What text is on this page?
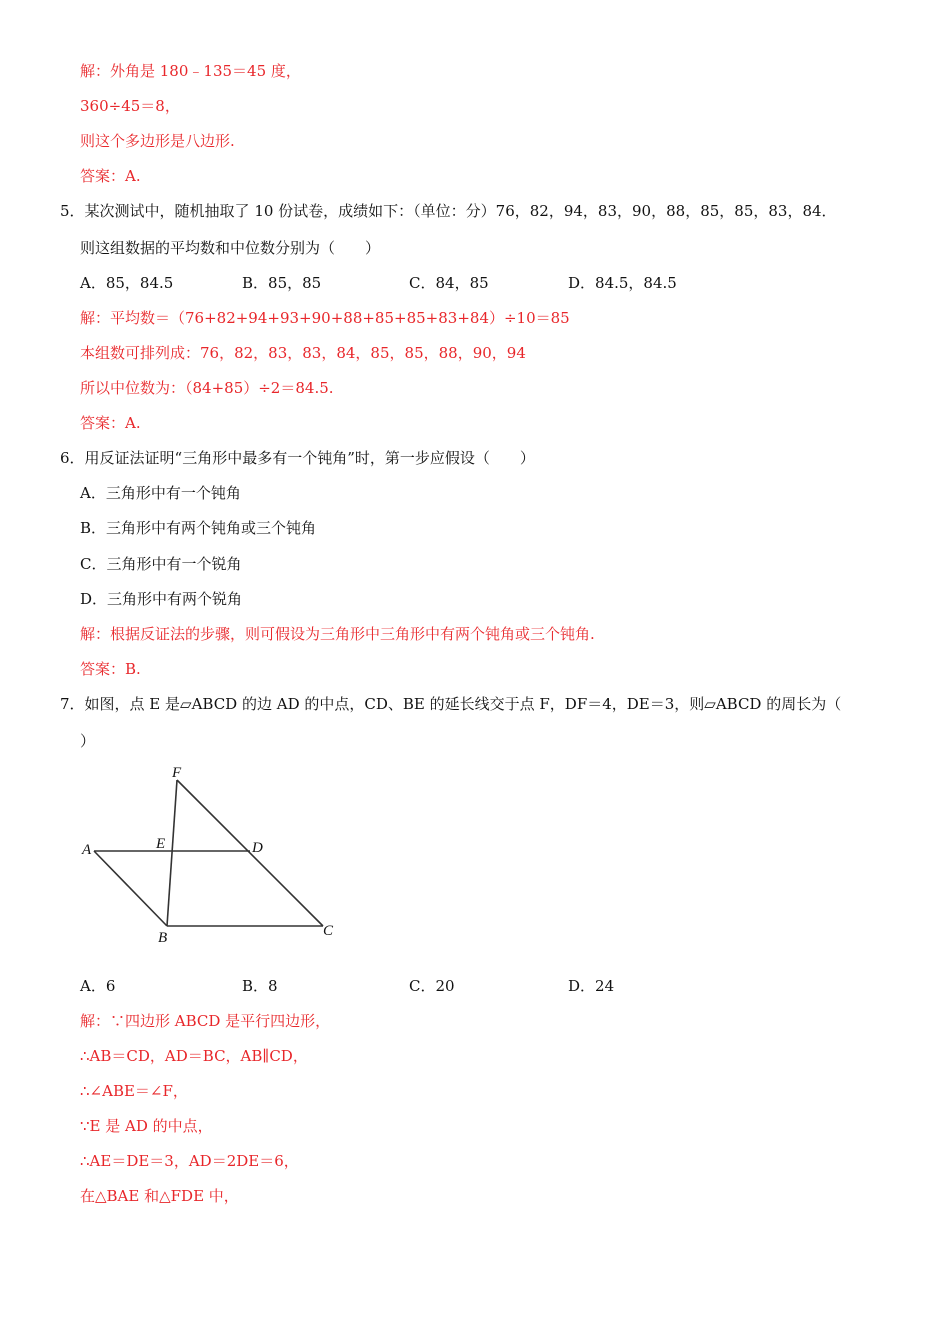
解：外角是 180﹣135＝45 度，
360÷45＝8，
则这个多边形是八边形.
答案：A.
5．某次测试中，随机抽取了 10 份试卷，成绩如下：（单位：分）76，82，94，83，90，88，85，85，83，84．
则这组数据的平均数和中位数分别为（　　）
A．85，84.5	B．85，85	C．84，85	D．84.5，84.5
解：平均数＝（76+82+94+93+90+88+85+85+83+84）÷10＝85
本组数可排列成：76，82，83，83，84，85，85，88，90，94
所以中位数为：（84+85）÷2＝84.5.
答案：A.
6．用反证法证明“三角形中最多有一个钝角”时，第一步应假设（　　）
A．三角形中有一个钝角
B．三角形中有两个钝角或三个钝角
C．三角形中有一个锐角
D．三角形中有两个锐角
解：根据反证法的步骤，则可假设为三角形中三角形中有两个钝角或三个钝角.
答案：B.
7．如图，点 E 是▱ABCD 的边 AD 的中点，CD、BE 的延长线交于点 F，DF＝4，DE＝3，则▱ABCD 的周长为（
）
F
A	E	D
B	C
A．6	B．8	C．20	D．24
解：∵四边形 ABCD 是平行四边形，
∴AB＝CD，AD＝BC，AB∥CD，
∴∠ABE＝∠F，
∵E 是 AD 的中点，
∴AE＝DE＝3，AD＝2DE＝6，
在△BAE 和△FDE 中，
